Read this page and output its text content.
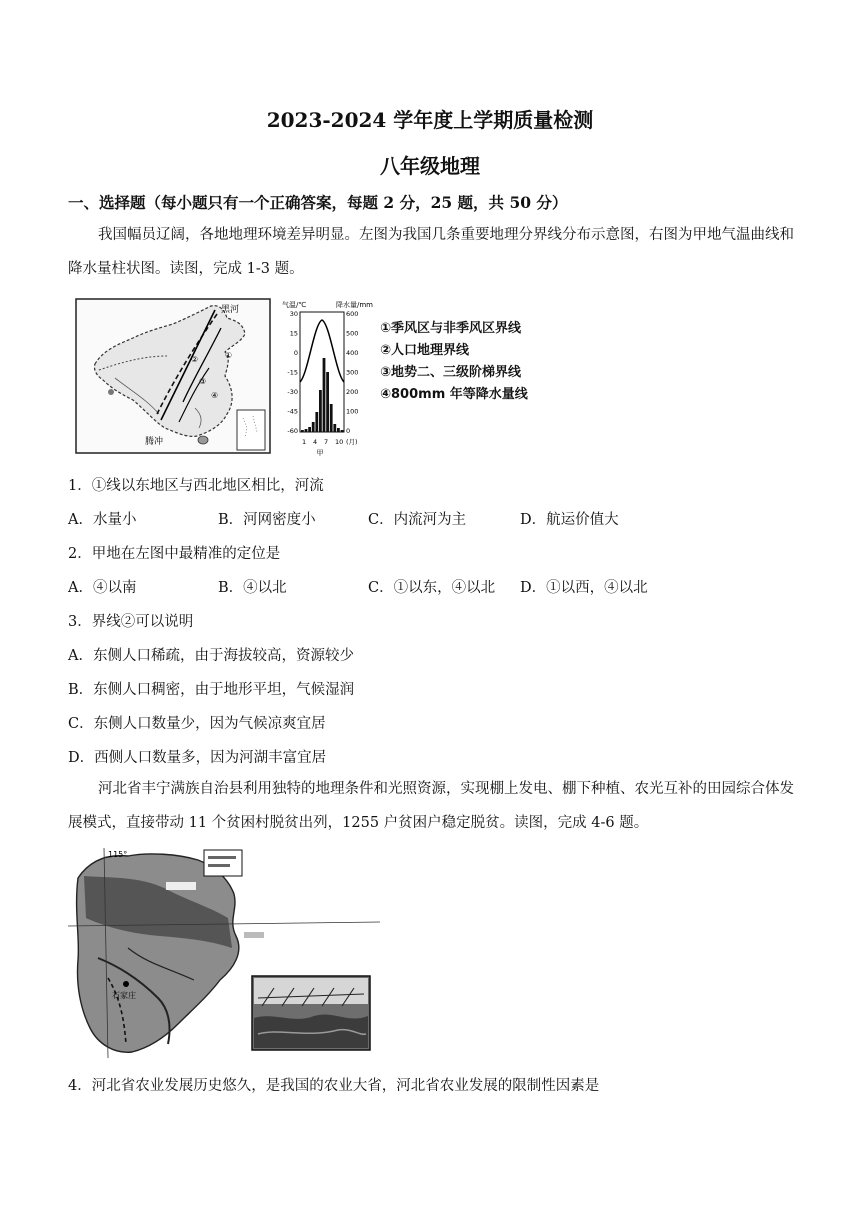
2023-2024 学年度上学期质量检测
八年级地理
一、选择题（每小题只有一个正确答案，每题 2 分，25 题，共 50 分）
我国幅员辽阔，各地地理环境差异明显。左图为我国几条重要地理分界线分布示意图，右图为甲地气温曲线和降水量柱状图。读图，完成 1-3 题。
黑河
腾冲
①
②
③
④
气温/℃	降水量/mm
30
15
0
-15
-30
-45
-60
600
500
400
300
200
100
0
1 4 7 10 (月)
甲
①季风区与非季风区界线
②人口地理界线
③地势二、三级阶梯界线
④800mm 年等降水量线
1．①线以东地区与西北地区相比，河流
A．水量小	B．河网密度小	C．内流河为主	D．航运价值大
2．甲地在左图中最精准的定位是
A．④以南	B．④以北	C．①以东，④以北 D．①以西，④以北
3．界线②可以说明
A．东侧人口稀疏，由于海拔较高，资源较少
B．东侧人口稠密，由于地形平坦，气候湿润
C．东侧人口数量少，因为气候凉爽宜居
D．西侧人口数量多，因为河湖丰富宜居
河北省丰宁满族自治县利用独特的地理条件和光照资源，实现棚上发电、棚下种植、农光互补的田园综合体发展模式，直接带动 11 个贫困村脱贫出列，1255 户贫困户稳定脱贫。读图，完成 4-6 题。
石家庄
115°
4．河北省农业发展历史悠久，是我国的农业大省，河北省农业发展的限制性因素是
